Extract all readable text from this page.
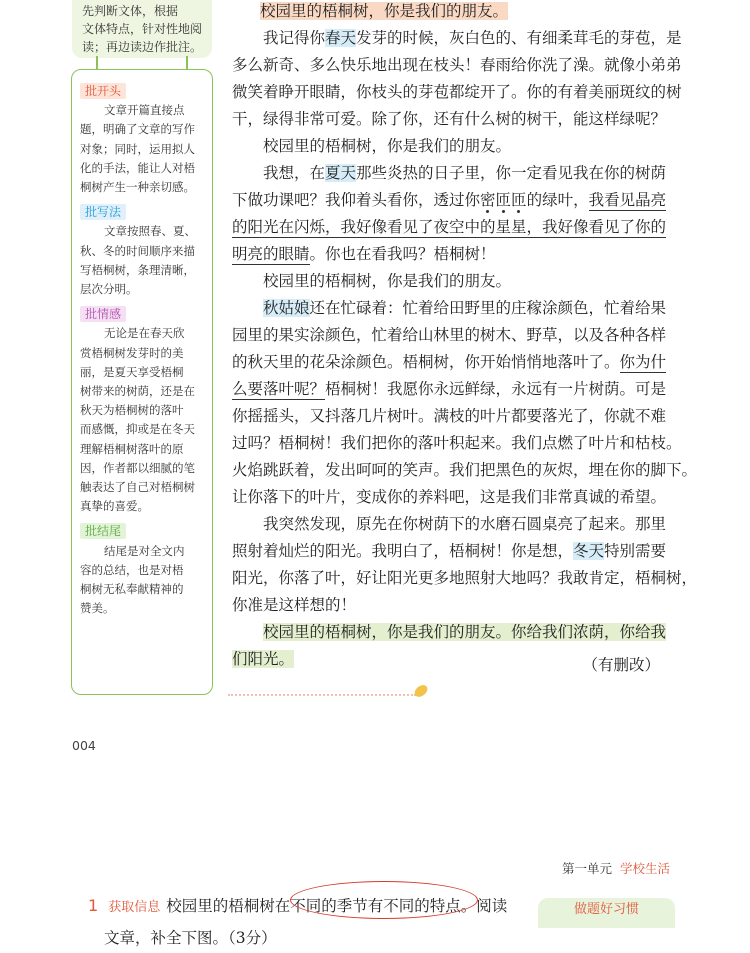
先判断文体，根据
文体特点，针对性地阅
读；再边读边作批注。
批开头
文章开篇直接点
题，明确了文章的写作
对象；同时，运用拟人
化的手法，能让人对梧
桐树产生一种亲切感。
批写法
文章按照春、夏、
秋、冬的时间顺序来描
写梧桐树，条理清晰，
层次分明。
批情感
无论是在春天欣
赏梧桐树发芽时的美
丽，是夏天享受梧桐
树带来的树荫，还是在
秋天为梧桐树的落叶
而感慨，抑或是在冬天
理解梧桐树落叶的原
因，作者都以细腻的笔
触表达了自己对梧桐树
真挚的喜爱。
批结尾
结尾是对全文内
容的总结，也是对梧
桐树无私奉献精神的
赞美。
校园里的梧桐树，你是我们的朋友。
我记得你春天发芽的时候，灰白色的、有细柔茸毛的芽苞，是
多么新奇、多么快乐地出现在枝头！春雨给你洗了澡。就像小弟弟
微笑着睁开眼睛，你枝头的芽苞都绽开了。你的有着美丽斑纹的树
干，绿得非常可爱。除了你，还有什么树的树干，能这样绿呢？
校园里的梧桐树，你是我们的朋友。
我想，在夏天那些炎热的日子里，你一定看见我在你的树荫
下做功课吧？我仰着头看你，透过你密匝匝的绿叶，我看见晶亮
的阳光在闪烁，我好像看见了夜空中的星星，我好像看见了你的
明亮的眼睛。你也在看我吗？梧桐树！
校园里的梧桐树，你是我们的朋友。
秋姑娘还在忙碌着：忙着给田野里的庄稼涂颜色，忙着给果
园里的果实涂颜色，忙着给山林里的树木、野草，以及各种各样
的秋天里的花朵涂颜色。梧桐树，你开始悄悄地落叶了。你为什
么要落叶呢？梧桐树！我愿你永远鲜绿，永远有一片树荫。可是
你摇摇头，又抖落几片树叶。满枝的叶片都要落光了，你就不难
过吗？梧桐树！我们把你的落叶积起来。我们点燃了叶片和枯枝。
火焰跳跃着，发出呵呵的笑声。我们把黑色的灰烬，埋在你的脚下。
让你落下的叶片，变成你的养料吧，这是我们非常真诚的希望。
我突然发现，原先在你树荫下的水磨石圆桌亮了起来。那里
照射着灿烂的阳光。我明白了，梧桐树！你是想，冬天特别需要
阳光，你落了叶，好让阳光更多地照射大地吗？我敢肯定，梧桐树，
你准是这样想的！
校园里的梧桐树，你是我们的朋友。你给我们浓荫，你给我
们阳光。	（有删改）
004
第一单元 学校生活
1 获取信息 校园里的梧桐树在不同的季节有不同的特点。阅读
文章，补全下图。（3分）
做题好习惯
